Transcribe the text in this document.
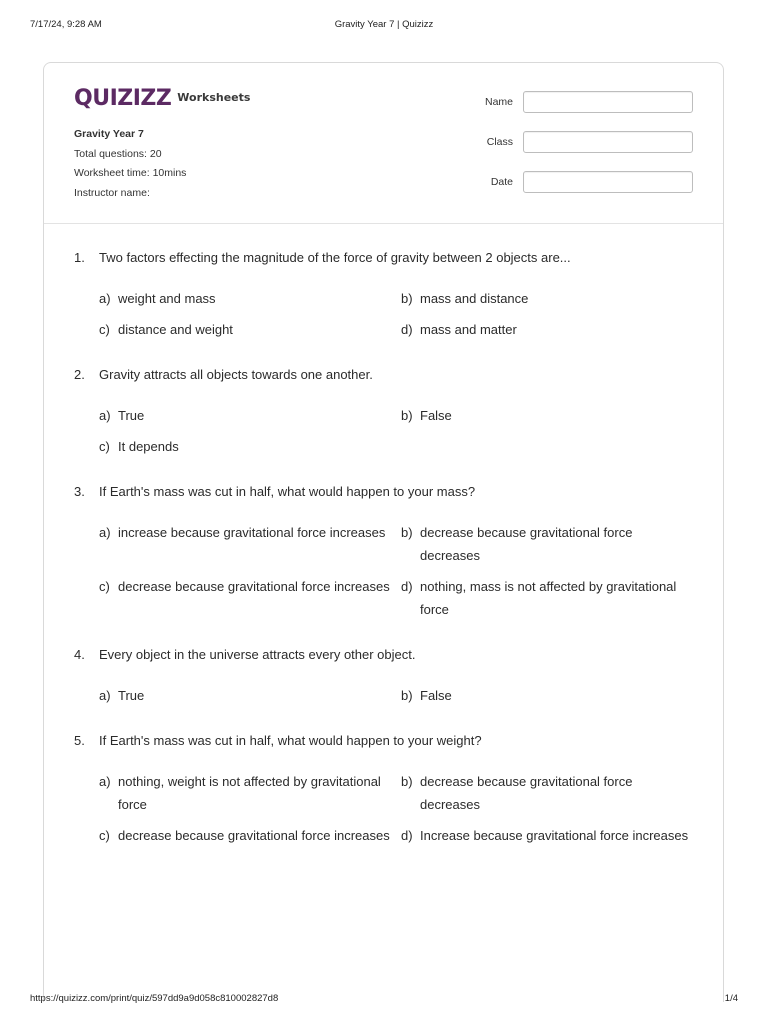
7/17/24, 9:28 AM	Gravity Year 7 | Quizizz
QUIZIZZ Worksheets
Gravity Year 7
Total questions: 20
Worksheet time: 10mins
Instructor name:
Name
Class
Date
1.	Two factors effecting the magnitude of the force of gravity between 2 objects are...
a) weight and mass	b) mass and distance
c) distance and weight	d) mass and matter
2.	Gravity attracts all objects towards one another.
a) True	b) False
c) It depends
3.	If Earth's mass was cut in half, what would happen to your mass?
a) increase because gravitational force increases	b) decrease because gravitational force decreases
c) decrease because gravitational force increases d) nothing, mass is not affected by gravitational force
4.	Every object in the universe attracts every other object.
a) True	b) False
5.	If Earth's mass was cut in half, what would happen to your weight?
a) nothing, weight is not affected by gravitational force
b) decrease because gravitational force decreases
c) decrease because gravitational force increases d) Increase because gravitational force increases
https://quizizz.com/print/quiz/597dd9a9d058c810002827d8	1/4
